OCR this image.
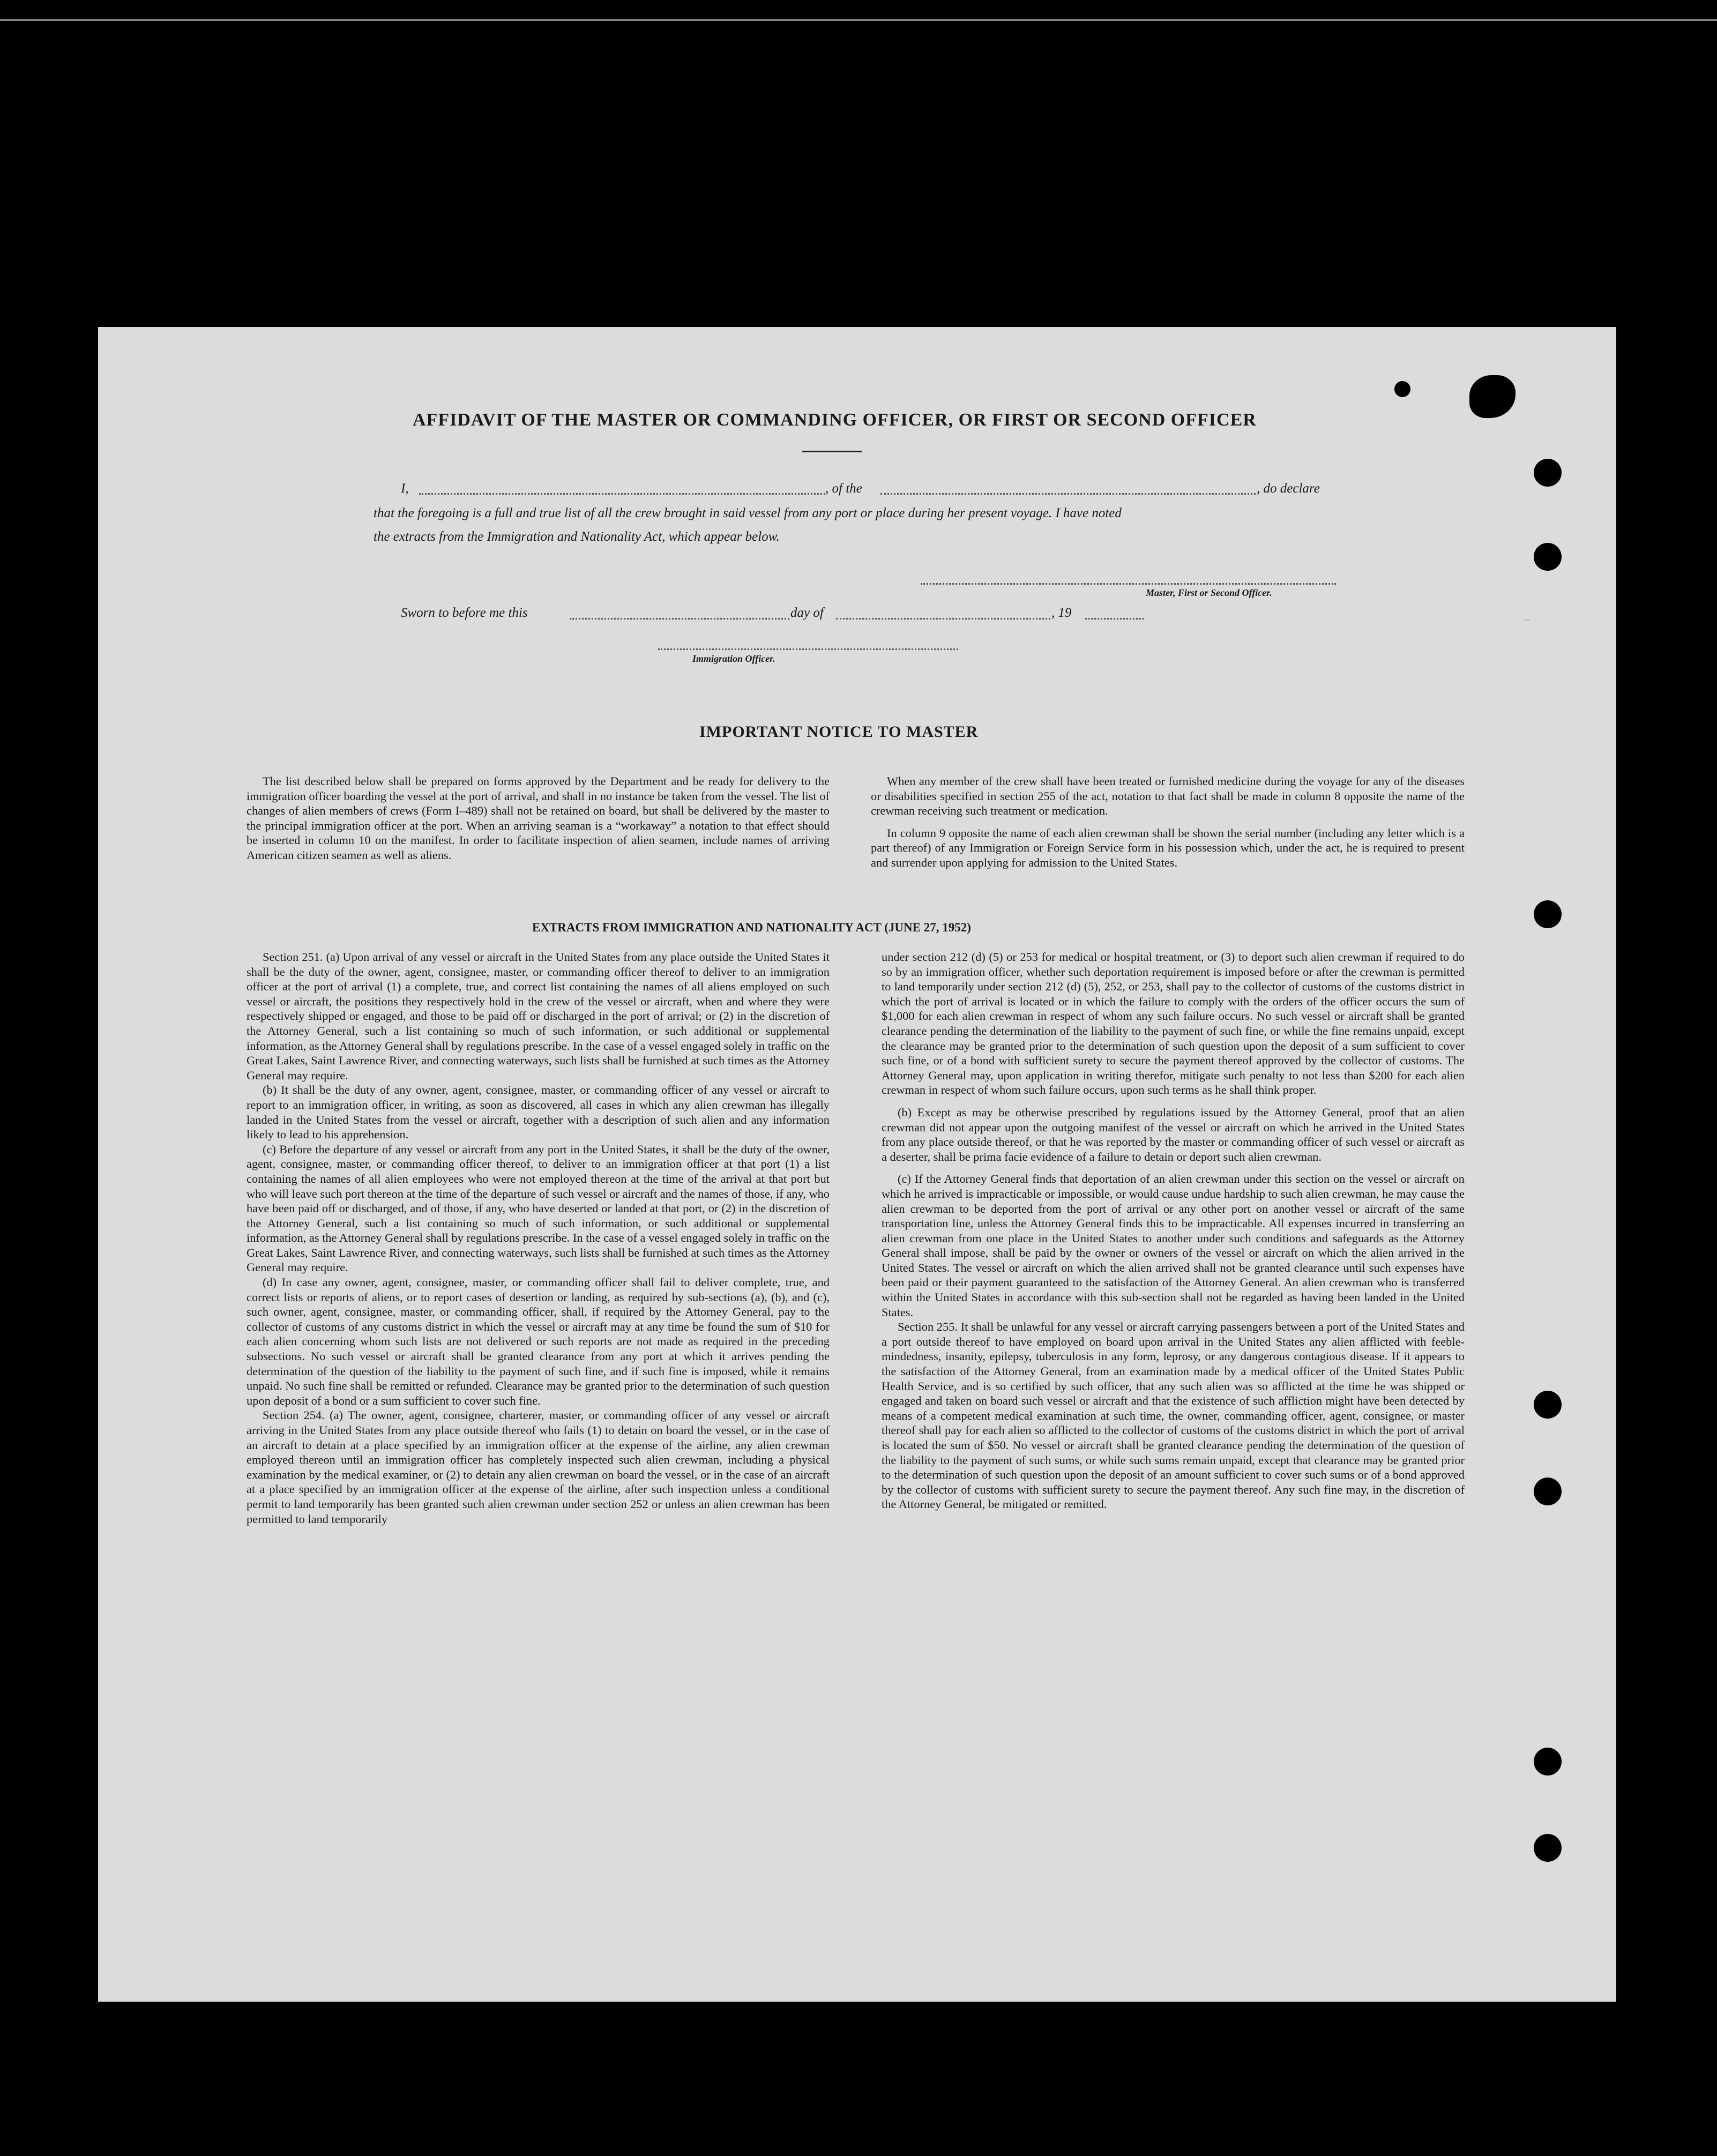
–
AFFIDAVIT OF THE MASTER OR COMMANDING OFFICER, OR FIRST OR SECOND OFFICER
I,	, of the	, do declare
that the foregoing is a full and true list of all the crew brought in said vessel from any port or place during her present voyage. I have noted
the extracts from the Immigration and Nationality Act, which appear below.
Master, First or Second Officer.
Sworn to before me this	day of	, 19
Immigration Officer.
IMPORTANT NOTICE TO MASTER

The list described below shall be prepared on forms approved by the Department and be ready for delivery to the immigration officer boarding the vessel at the port of arrival, and shall in no instance be taken from the vessel. The list of changes of alien members of crews (Form I–489) shall not be retained on board, but shall be delivered by the master to the principal immigration officer at the port. When an arriving seaman is a “workaway” a notation to that effect should be inserted in column 10 on the manifest. In order to facilitate inspection of alien seamen, include names of arriving American citizen seamen as well as aliens.

When any member of the crew shall have been treated or furnished medicine during the voyage for any of the diseases or disabilities specified in section 255 of the act, notation to that fact shall be made in column 8 opposite the name of the crewman receiving such treatment or medication.

In column 9 opposite the name of each alien crewman shall be shown the serial number (including any letter which is a part thereof) of any Immigration or Foreign Service form in his possession which, under the act, he is required to present and surrender upon applying for admission to the United States.

EXTRACTS FROM IMMIGRATION AND NATIONALITY ACT (JUNE 27, 1952)

Section 251. (a) Upon arrival of any vessel or aircraft in the United States from any place outside the United States it shall be the duty of the owner, agent, consignee, master, or commanding officer thereof to deliver to an immigration officer at the port of arrival (1) a complete, true, and correct list containing the names of all aliens employed on such vessel or aircraft, the positions they respectively hold in the crew of the vessel or aircraft, when and where they were respectively shipped or engaged, and those to be paid off or discharged in the port of arrival; or (2) in the discretion of the Attorney General, such a list containing so much of such information, or such additional or supplemental information, as the Attorney General shall by regulations prescribe. In the case of a vessel engaged solely in traffic on the Great Lakes, Saint Lawrence River, and connecting waterways, such lists shall be furnished at such times as the Attorney General may require.

(b) It shall be the duty of any owner, agent, consignee, master, or commanding officer of any vessel or aircraft to report to an immigration officer, in writing, as soon as discovered, all cases in which any alien crewman has illegally landed in the United States from the vessel or aircraft, together with a description of such alien and any information likely to lead to his apprehension.

(c) Before the departure of any vessel or aircraft from any port in the United States, it shall be the duty of the owner, agent, consignee, master, or commanding officer thereof, to deliver to an immigration officer at that port (1) a list containing the names of all alien employees who were not employed thereon at the time of the arrival at that port but who will leave such port thereon at the time of the departure of such vessel or aircraft and the names of those, if any, who have been paid off or discharged, and of those, if any, who have deserted or landed at that port, or (2) in the discretion of the Attorney General, such a list containing so much of such information, or such additional or supplemental information, as the Attorney General shall by regulations prescribe. In the case of a vessel engaged solely in traffic on the Great Lakes, Saint Lawrence River, and connecting waterways, such lists shall be furnished at such times as the Attorney General may require.

(d) In case any owner, agent, consignee, master, or commanding officer shall fail to deliver complete, true, and correct lists or reports of aliens, or to report cases of desertion or landing, as required by sub-sections (a), (b), and (c), such owner, agent, consignee, master, or commanding officer, shall, if required by the Attorney General, pay to the collector of customs of any customs district in which the vessel or aircraft may at any time be found the sum of $10 for each alien concerning whom such lists are not delivered or such reports are not made as required in the preceding subsections. No such vessel or aircraft shall be granted clearance from any port at which it arrives pending the determination of the question of the liability to the payment of such fine, and if such fine is imposed, while it remains unpaid. No such fine shall be remitted or refunded. Clearance may be granted prior to the determination of such question upon deposit of a bond or a sum sufficient to cover such fine.

Section 254. (a) The owner, agent, consignee, charterer, master, or commanding officer of any vessel or aircraft arriving in the United States from any place outside thereof who fails (1) to detain on board the vessel, or in the case of an aircraft to detain at a place specified by an immigration officer at the expense of the airline, any alien crewman employed thereon until an immigration officer has completely inspected such alien crewman, including a physical examination by the medical examiner, or (2) to detain any alien crewman on board the vessel, or in the case of an aircraft at a place specified by an immigration officer at the expense of the airline, after such inspection unless a conditional permit to land temporarily has been granted such alien crewman under section 252 or unless an alien crewman has been permitted to land temporarily

under section 212 (d) (5) or 253 for medical or hospital treatment, or (3) to deport such alien crewman if required to do so by an immigration officer, whether such deportation requirement is imposed before or after the crewman is permitted to land temporarily under section 212 (d) (5), 252, or 253, shall pay to the collector of customs of the customs district in which the port of arrival is located or in which the failure to comply with the orders of the officer occurs the sum of $1,000 for each alien crewman in respect of whom any such failure occurs. No such vessel or aircraft shall be granted clearance pending the determination of the liability to the payment of such fine, or while the fine remains unpaid, except the clearance may be granted prior to the determination of such question upon the deposit of a sum sufficient to cover such fine, or of a bond with sufficient surety to secure the payment thereof approved by the collector of customs. The Attorney General may, upon application in writing therefor, mitigate such penalty to not less than $200 for each alien crewman in respect of whom such failure occurs, upon such terms as he shall think proper.

(b) Except as may be otherwise prescribed by regulations issued by the Attorney General, proof that an alien crewman did not appear upon the outgoing manifest of the vessel or aircraft on which he arrived in the United States from any place outside thereof, or that he was reported by the master or commanding officer of such vessel or aircraft as a deserter, shall be prima facie evidence of a failure to detain or deport such alien crewman.

(c) If the Attorney General finds that deportation of an alien crewman under this section on the vessel or aircraft on which he arrived is impracticable or impossible, or would cause undue hardship to such alien crewman, he may cause the alien crewman to be deported from the port of arrival or any other port on another vessel or aircraft of the same transportation line, unless the Attorney General finds this to be impracticable. All expenses incurred in transferring an alien crewman from one place in the United States to another under such conditions and safeguards as the Attorney General shall impose, shall be paid by the owner or owners of the vessel or aircraft on which the alien arrived in the United States. The vessel or aircraft on which the alien arrived shall not be granted clearance until such expenses have been paid or their payment guaranteed to the satisfaction of the Attorney General. An alien crewman who is transferred within the United States in accordance with this sub-section shall not be regarded as having been landed in the United States.

Section 255. It shall be unlawful for any vessel or aircraft carrying passengers between a port of the United States and a port outside thereof to have employed on board upon arrival in the United States any alien afflicted with feeble-mindedness, insanity, epilepsy, tuberculosis in any form, leprosy, or any dangerous contagious disease. If it appears to the satisfaction of the Attorney General, from an examination made by a medical officer of the United States Public Health Service, and is so certified by such officer, that any such alien was so afflicted at the time he was shipped or engaged and taken on board such vessel or aircraft and that the existence of such affliction might have been detected by means of a competent medical examination at such time, the owner, commanding officer, agent, consignee, or master thereof shall pay for each alien so afflicted to the collector of customs of the customs district in which the port of arrival is located the sum of $50. No vessel or aircraft shall be granted clearance pending the determination of the question of the liability to the payment of such sums, or while such sums remain unpaid, except that clearance may be granted prior to the determination of such question upon the deposit of an amount sufficient to cover such sums or of a bond approved by the collector of customs with sufficient surety to secure the payment thereof. Any such fine may, in the discretion of the Attorney General, be mitigated or remitted.
